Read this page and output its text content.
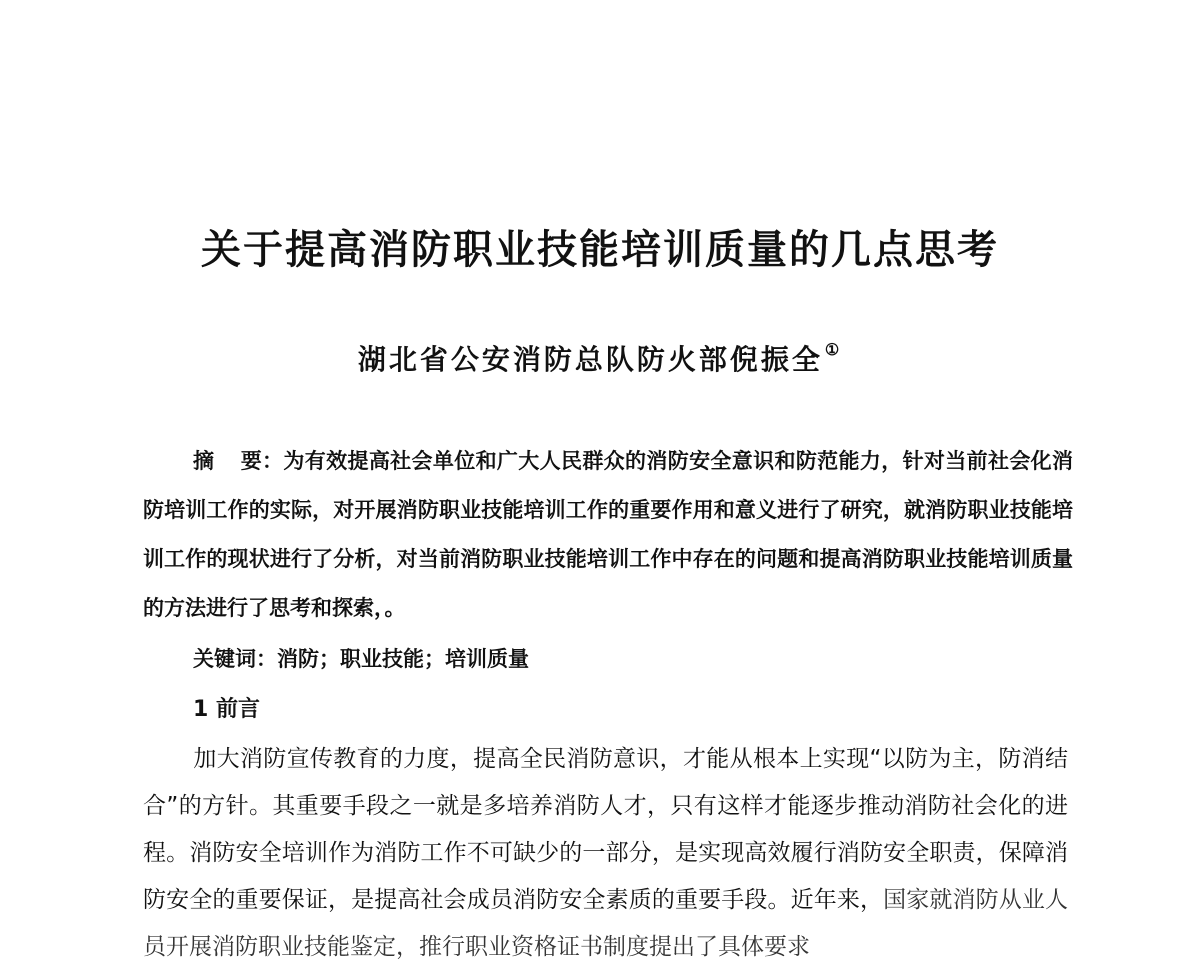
关于提高消防职业技能培训质量的几点思考
湖北省公安消防总队防火部倪振全 ①
摘 要：为有效提高社会单位和广大人民群众的消防安全意识和防范能力，针对当前社会化消防培训工作的实际，对开展消防职业技能培训工作的重要作用和意义进行了研究，就消防职业技能培训工作的现状进行了分析，对当前消防职业技能培训工作中存在的问题和提高消防职业技能培训质量的方法进行了思考和探索，。
关键词：消防；职业技能；培训质量
1 前言

加大消防宣传教育的力度，提高全民消防意识，才能从根本上实现“以防为主，防消结合”的方针。其重要手段之一就是多培养消防人才，只有这样才能逐步推动消防社会化的进程。消防安全培训作为消防工作不可缺少的一部分，是实现高效履行消防安全职责，保障消防安全的重要保证，是提高社会成员消防安全素质的重要手段。近年来，国家就消防从业人员开展消防职业技能鉴定，推行职业资格证书制度提出了具体要求
